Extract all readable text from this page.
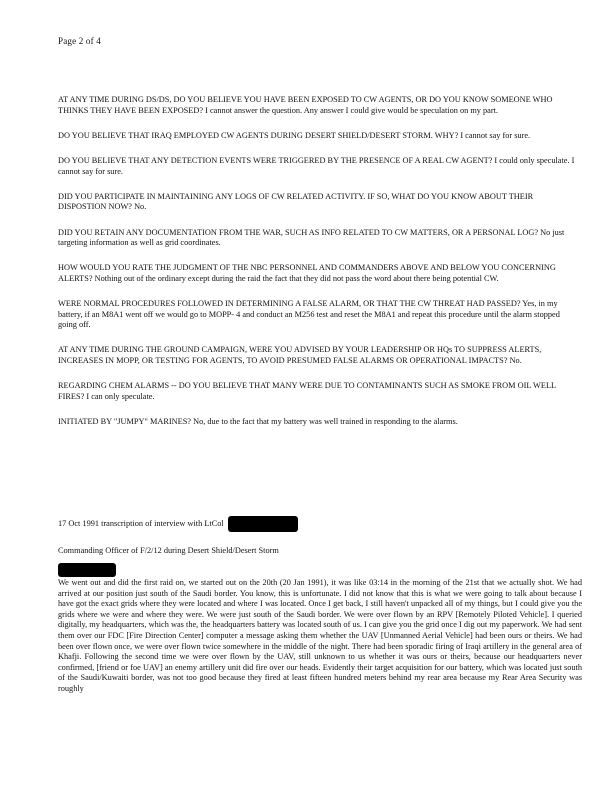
Page 2 of 4

AT ANY TIME DURING DS/DS, DO YOU BELIEVE YOU HAVE BEEN EXPOSED TO CW AGENTS, OR DO YOU KNOW SOMEONE WHO THINKS THEY HAVE BEEN EXPOSED? I cannot answer the question. Any answer I could give would be speculation on my part.

DO YOU BELIEVE THAT IRAQ EMPLOYED CW AGENTS DURING DESERT SHIELD/DESERT STORM. WHY? I cannot say for sure.

DO YOU BELIEVE THAT ANY DETECTION EVENTS WERE TRIGGERED BY THE PRESENCE OF A REAL CW AGENT? I could only speculate. I cannot say for sure.

DID YOU PARTICIPATE IN MAINTAINING ANY LOGS OF CW RELATED ACTIVITY. IF SO, WHAT DO YOU KNOW ABOUT THEIR DISPOSTION NOW? No.

DID YOU RETAIN ANY DOCUMENTATION FROM THE WAR, SUCH AS INFO RELATED TO CW MATTERS, OR A PERSONAL LOG? No just targeting information as well as grid coordinates.

HOW WOULD YOU RATE THE JUDGMENT OF THE NBC PERSONNEL AND COMMANDERS ABOVE AND BELOW YOU CONCERNING ALERTS? Nothing out of the ordinary except during the raid the fact that they did not pass the word about there being potential CW.

WERE NORMAL PROCEDURES FOLLOWED IN DETERMINING A FALSE ALARM, OR THAT THE CW THREAT HAD PASSED? Yes, in my battery, if an M8A1 went off we would go to MOPP- 4 and conduct an M256 test and reset the M8A1 and repeat this procedure until the alarm stopped going off.

AT ANY TIME DURING THE GROUND CAMPAIGN, WERE YOU ADVISED BY YOUR LEADERSHIP OR HQs TO SUPPRESS ALERTS, INCREASES IN MOPP, OR TESTING FOR AGENTS, TO AVOID PRESUMED FALSE ALARMS OR OPERATIONAL IMPACTS? No.

REGARDING CHEM ALARMS -- DO YOU BELIEVE THAT MANY WERE DUE TO CONTAMINANTS SUCH AS SMOKE FROM OIL WELL FIRES? I can only speculate.

INITIATED BY "JUMPY" MARINES? No, due to the fact that my battery was well trained in responding to the alarms.

17 Oct 1991 transcription of interview with LtCol
Commanding Officer of F/2/12 during Desert Shield/Desert Storm
We went out and did the first raid on, we started out on the 20th (20 Jan 1991), it was like 03:14 in the morning of the 21st that we actually shot. We had arrived at our position just south of the Saudi border. You know, this is unfortunate. I did not know that this is what we were going to talk about because I have got the exact grids where they were located and where I was located. Once I get back, I still haven't unpacked all of my things, but I could give you the grids where we were and where they were. We were just south of the Saudi border. We were over flown by an RPV [Remotely Piloted Vehicle]. I queried digitally, my headquarters, which was the, the headquarters battery was located south of us. I can give you the grid once I dig out my paperwork. We had sent them over our FDC [Fire Direction Center] computer a message asking them whether the UAV [Unmanned Aerial Vehicle] had been ours or theirs. We had been over flown once, we were over flown twice somewhere in the middle of the night. There had been sporadic firing of Iraqi artillery in the general area of Khafji. Following the second time we were over flown by the UAV, still unknown to us whether it was ours or theirs, because our headquarters never confirmed, [friend or foe UAV] an enemy artillery unit did fire over our heads. Evidently their target acquisition for our battery, which was located just south of the Saudi/Kuwaiti border, was not too good because they fired at least fifteen hundred meters behind my rear area because my Rear Area Security was roughly
